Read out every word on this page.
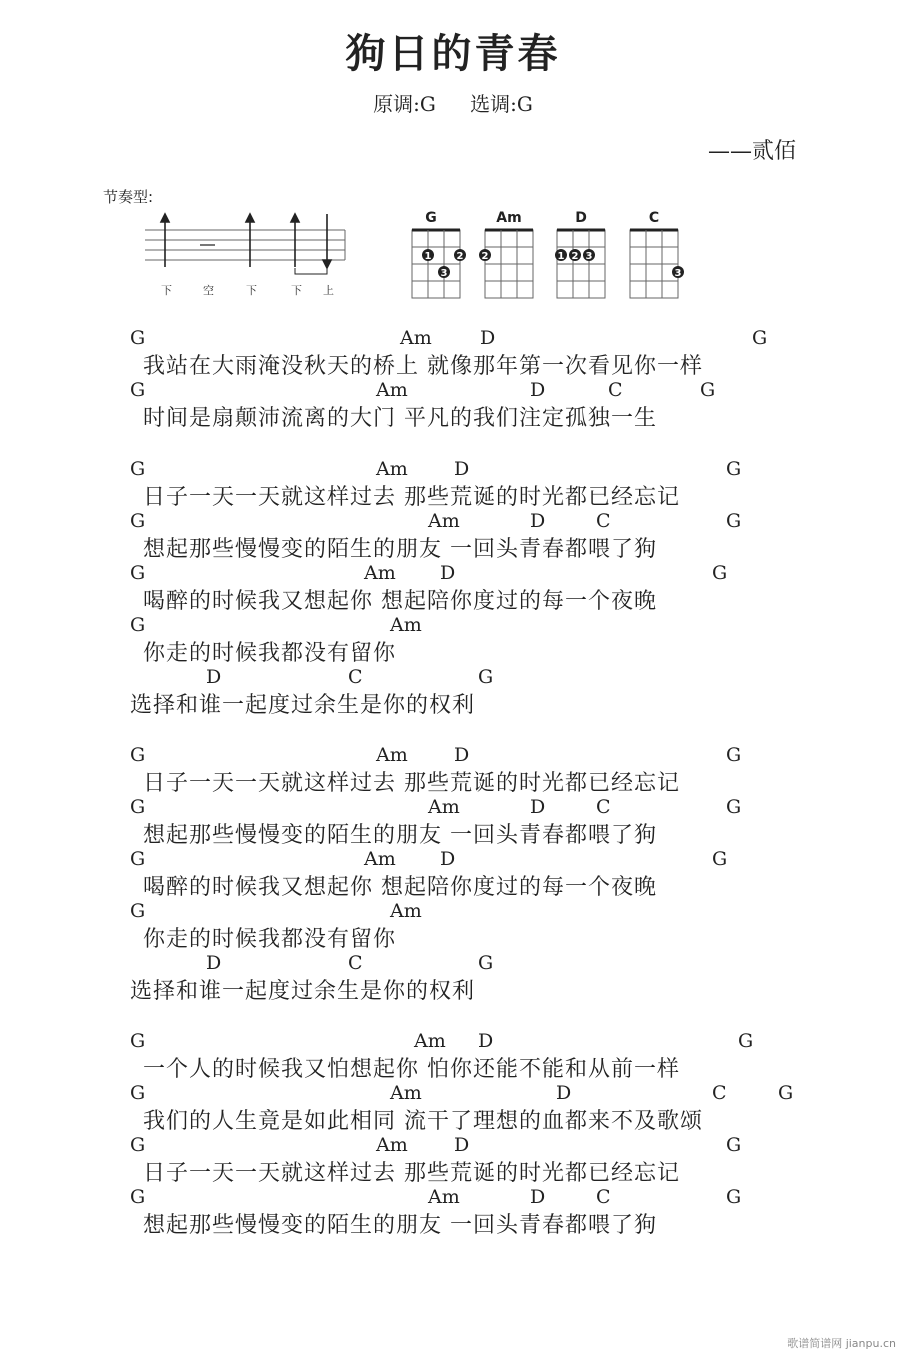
狗日的青春
原调:G 选调:G
——贰佰
节奏型:
下	空	下	下 上
G
1	2
3
Am
2
D
1 2 3
C
3
G	Am	D	G
我站在大雨淹没秋天的桥上 就像那年第一次看见你一样
G	Am	D	C	G
时间是扇颠沛流离的大门 平凡的我们注定孤独一生
G	Am D	G
日子一天一天就这样过去 那些荒诞的时光都已经忘记
G	Am	D	C	G
想起那些慢慢变的陌生的朋友 一回头青春都喂了狗
G	Am D	G
喝醉的时候我又想起你 想起陪你度过的每一个夜晚
G	Am
你走的时候我都没有留你
D	C	G
选择和谁一起度过余生是你的权利
G	Am D	G
日子一天一天就这样过去 那些荒诞的时光都已经忘记
G	Am	D	C	G
想起那些慢慢变的陌生的朋友 一回头青春都喂了狗
G	Am D	G
喝醉的时候我又想起你 想起陪你度过的每一个夜晚
G	Am
你走的时候我都没有留你
D	C	G
选择和谁一起度过余生是你的权利
G	Am D	G
一个人的时候我又怕想起你 怕你还能不能和从前一样
G	Am	D	C	G
我们的人生竟是如此相同 流干了理想的血都来不及歌颂
G	Am D	G
日子一天一天就这样过去 那些荒诞的时光都已经忘记
G	Am	D	C	G
想起那些慢慢变的陌生的朋友 一回头青春都喂了狗
歌谱简谱网 jianpu.cn
